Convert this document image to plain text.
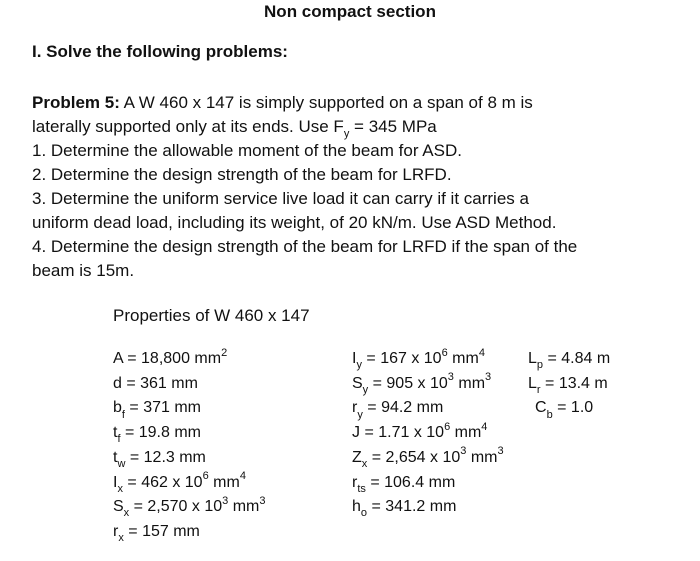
Non compact section
I. Solve the following problems:
Problem 5: A W 460 x 147 is simply supported on a span of 8 m is
laterally supported only at its ends. Use $F_y = 345$ MPa
1. Determine the allowable moment of the beam for ASD.
2. Determine the design strength of the beam for LRFD.
3. Determine the uniform service live load it can carry if it carries a
uniform dead load, including its weight, of 20 kN/m. Use ASD Method.
4. Determine the design strength of the beam for LRFD if the span of the
beam is 15m.
Properties of W 460 x 147
A = 18,800 $mm^2$
d = 361 mm
$b_f = 371$ mm
$t_f = 19.8$ mm
$t_w = 12.3$ mm
$I_x = 462$ x $10^6$ $mm^4$
$S_x = 2,570$ x $10^3$ $mm^3$
$r_x = 157$ mm
$I_y = 167$ x $10^6$ $mm^4$
$S_y = 905$ x $10^3$ $mm^3$
$r_y = 94.2$ mm
J = 1.71 x $10^6$ $mm^4$
$Z_x = 2,654$ x $10^3$ $mm^3$
$r_{ts} = 106.4$ mm
$h_o = 341.2$ mm
$L_p = 4.84$ m
$L_r = 13.4$ m
$C_b = 1.0$
